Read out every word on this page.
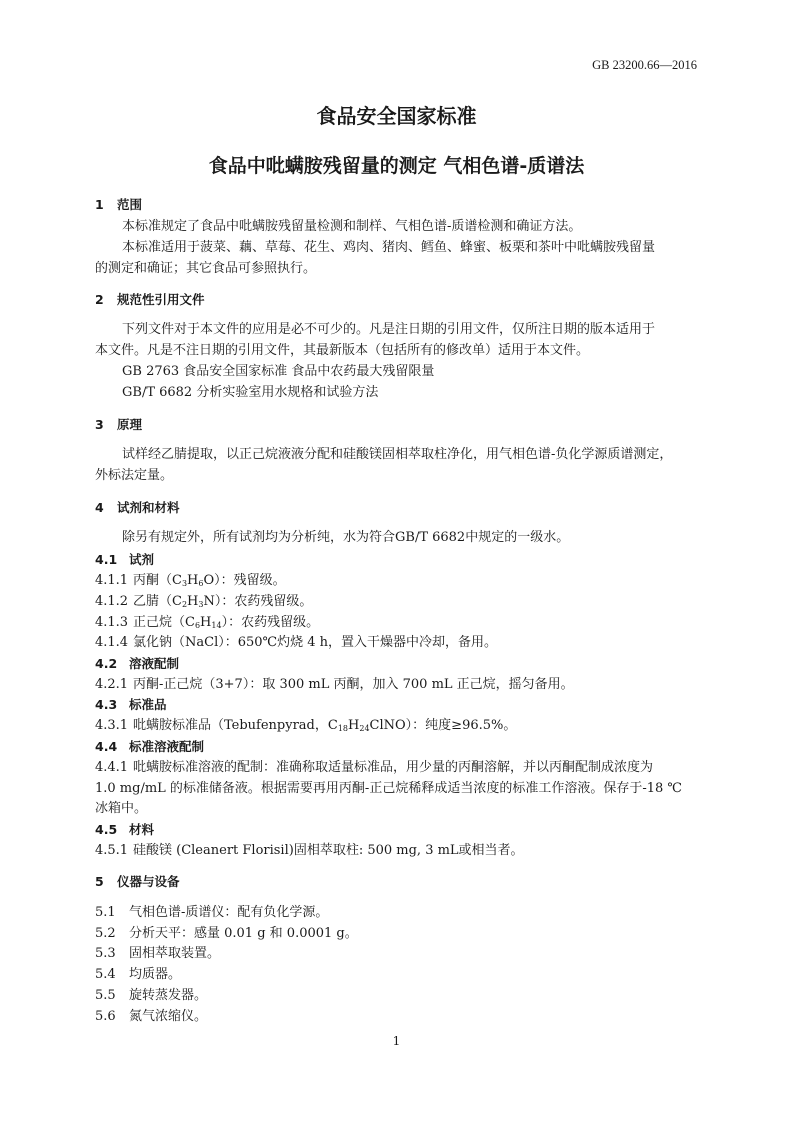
GB 23200.66—2016
食品安全国家标准
食品中吡螨胺残留量的测定 气相色谱-质谱法
1 范围
本标准规定了食品中吡螨胺残留量检测和制样、气相色谱-质谱检测和确证方法。
本标准适用于菠菜、藕、草莓、花生、鸡肉、猪肉、鳕鱼、蜂蜜、板栗和茶叶中吡螨胺残留量
的测定和确证；其它食品可参照执行。
2 规范性引用文件
下列文件对于本文件的应用是必不可少的。凡是注日期的引用文件，仅所注日期的版本适用于
本文件。凡是不注日期的引用文件，其最新版本（包括所有的修改单）适用于本文件。
GB 2763 食品安全国家标准 食品中农药最大残留限量
GB/T 6682 分析实验室用水规格和试验方法
3 原理
试样经乙腈提取，以正己烷液液分配和硅酸镁固相萃取柱净化，用气相色谱-负化学源质谱测定，
外标法定量。
4 试剂和材料
除另有规定外，所有试剂均为分析纯，水为符合GB/T 6682中规定的一级水。
4.1 试剂
4.1.1 丙酮$(C_3H_6O)$：残留级。
4.1.2 乙腈$(C_2H_3N)$：农药残留级。
4.1.3 正己烷$(C_6H_{14})$：农药残留级。
4.1.4 氯化钠（NaCl）：650℃灼烧 4 h，置入干燥器中冷却，备用。
4.2 溶液配制
4.2.1 丙酮-正己烷（3+7）：取 300 mL 丙酮，加入 700 mL 正己烷，摇匀备用。
4.3 标准品
4.3.1 吡螨胺标准品（Tebufenpyrad，$C_{18}H_{24}ClNO$）：纯度≥96.5%。
4.4 标准溶液配制
4.4.1 吡螨胺标准溶液的配制：准确称取适量标准品，用少量的丙酮溶解，并以丙酮配制成浓度为
1.0 mg/mL 的标准储备液。根据需要再用丙酮-正己烷稀释成适当浓度的标准工作溶液。保存于-18 ℃
冰箱中。
4.5 材料
4.5.1 硅酸镁 (Cleanert Florisil)固相萃取柱: 500 mg, 3 mL或相当者。
5 仪器与设备
5.1 气相色谱-质谱仪：配有负化学源。
5.2 分析天平：感量 0.01 g 和 0.0001 g。
5.3 固相萃取装置。
5.4 均质器。
5.5 旋转蒸发器。
5.6 氮气浓缩仪。
1
